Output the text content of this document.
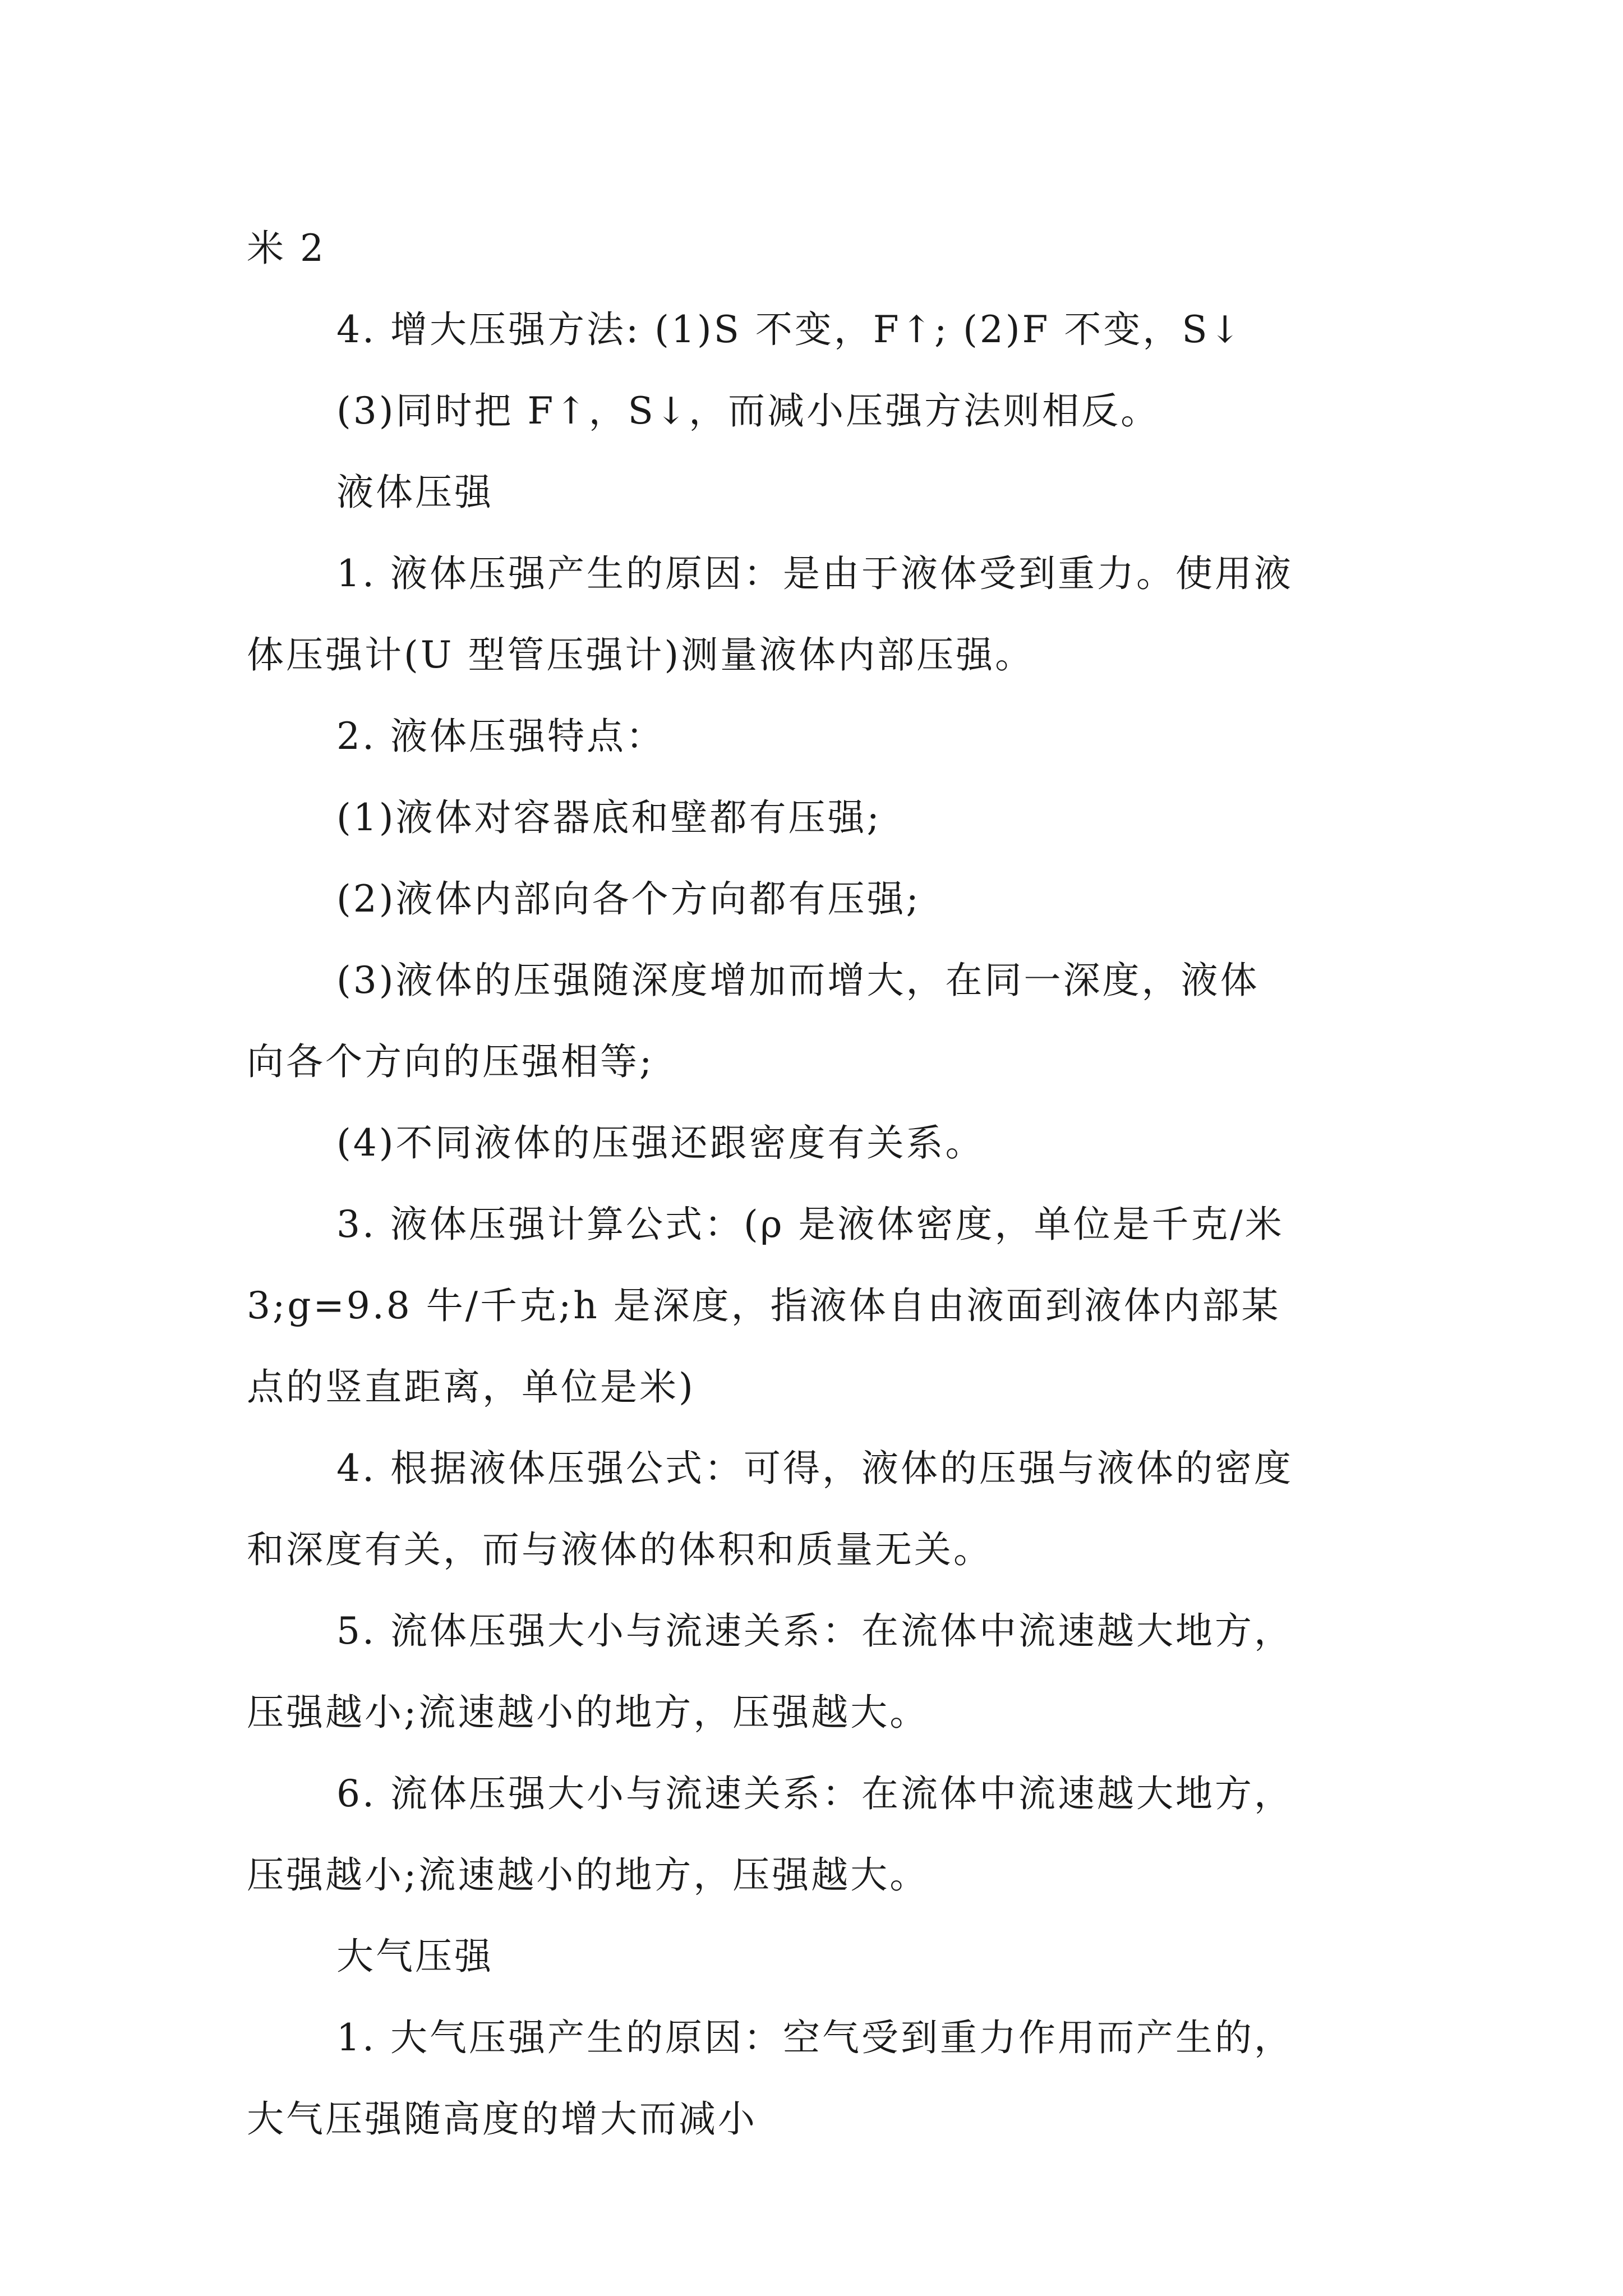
米 2
4. 增大压强方法: (1)S 不变，F↑; (2)F 不变，S↓
(3)同时把 F↑，S↓，而减小压强方法则相反。
液体压强
1. 液体压强产生的原因：是由于液体受到重力。使用液
体压强计(U 型管压强计)测量液体内部压强。
2. 液体压强特点：
(1)液体对容器底和壁都有压强;
(2)液体内部向各个方向都有压强;
(3)液体的压强随深度增加而增大，在同一深度，液体
向各个方向的压强相等;
(4)不同液体的压强还跟密度有关系。
3. 液体压强计算公式：(ρ 是液体密度，单位是千克/米
3;g=9.8 牛/千克;h 是深度，指液体自由液面到液体内部某
点的竖直距离，单位是米)
4. 根据液体压强公式：可得，液体的压强与液体的密度
和深度有关，而与液体的体积和质量无关。
5. 流体压强大小与流速关系：在流体中流速越大地方，
压强越小;流速越小的地方，压强越大。
6. 流体压强大小与流速关系：在流体中流速越大地方，
压强越小;流速越小的地方，压强越大。
大气压强
1. 大气压强产生的原因：空气受到重力作用而产生的，
大气压强随高度的增大而减小
